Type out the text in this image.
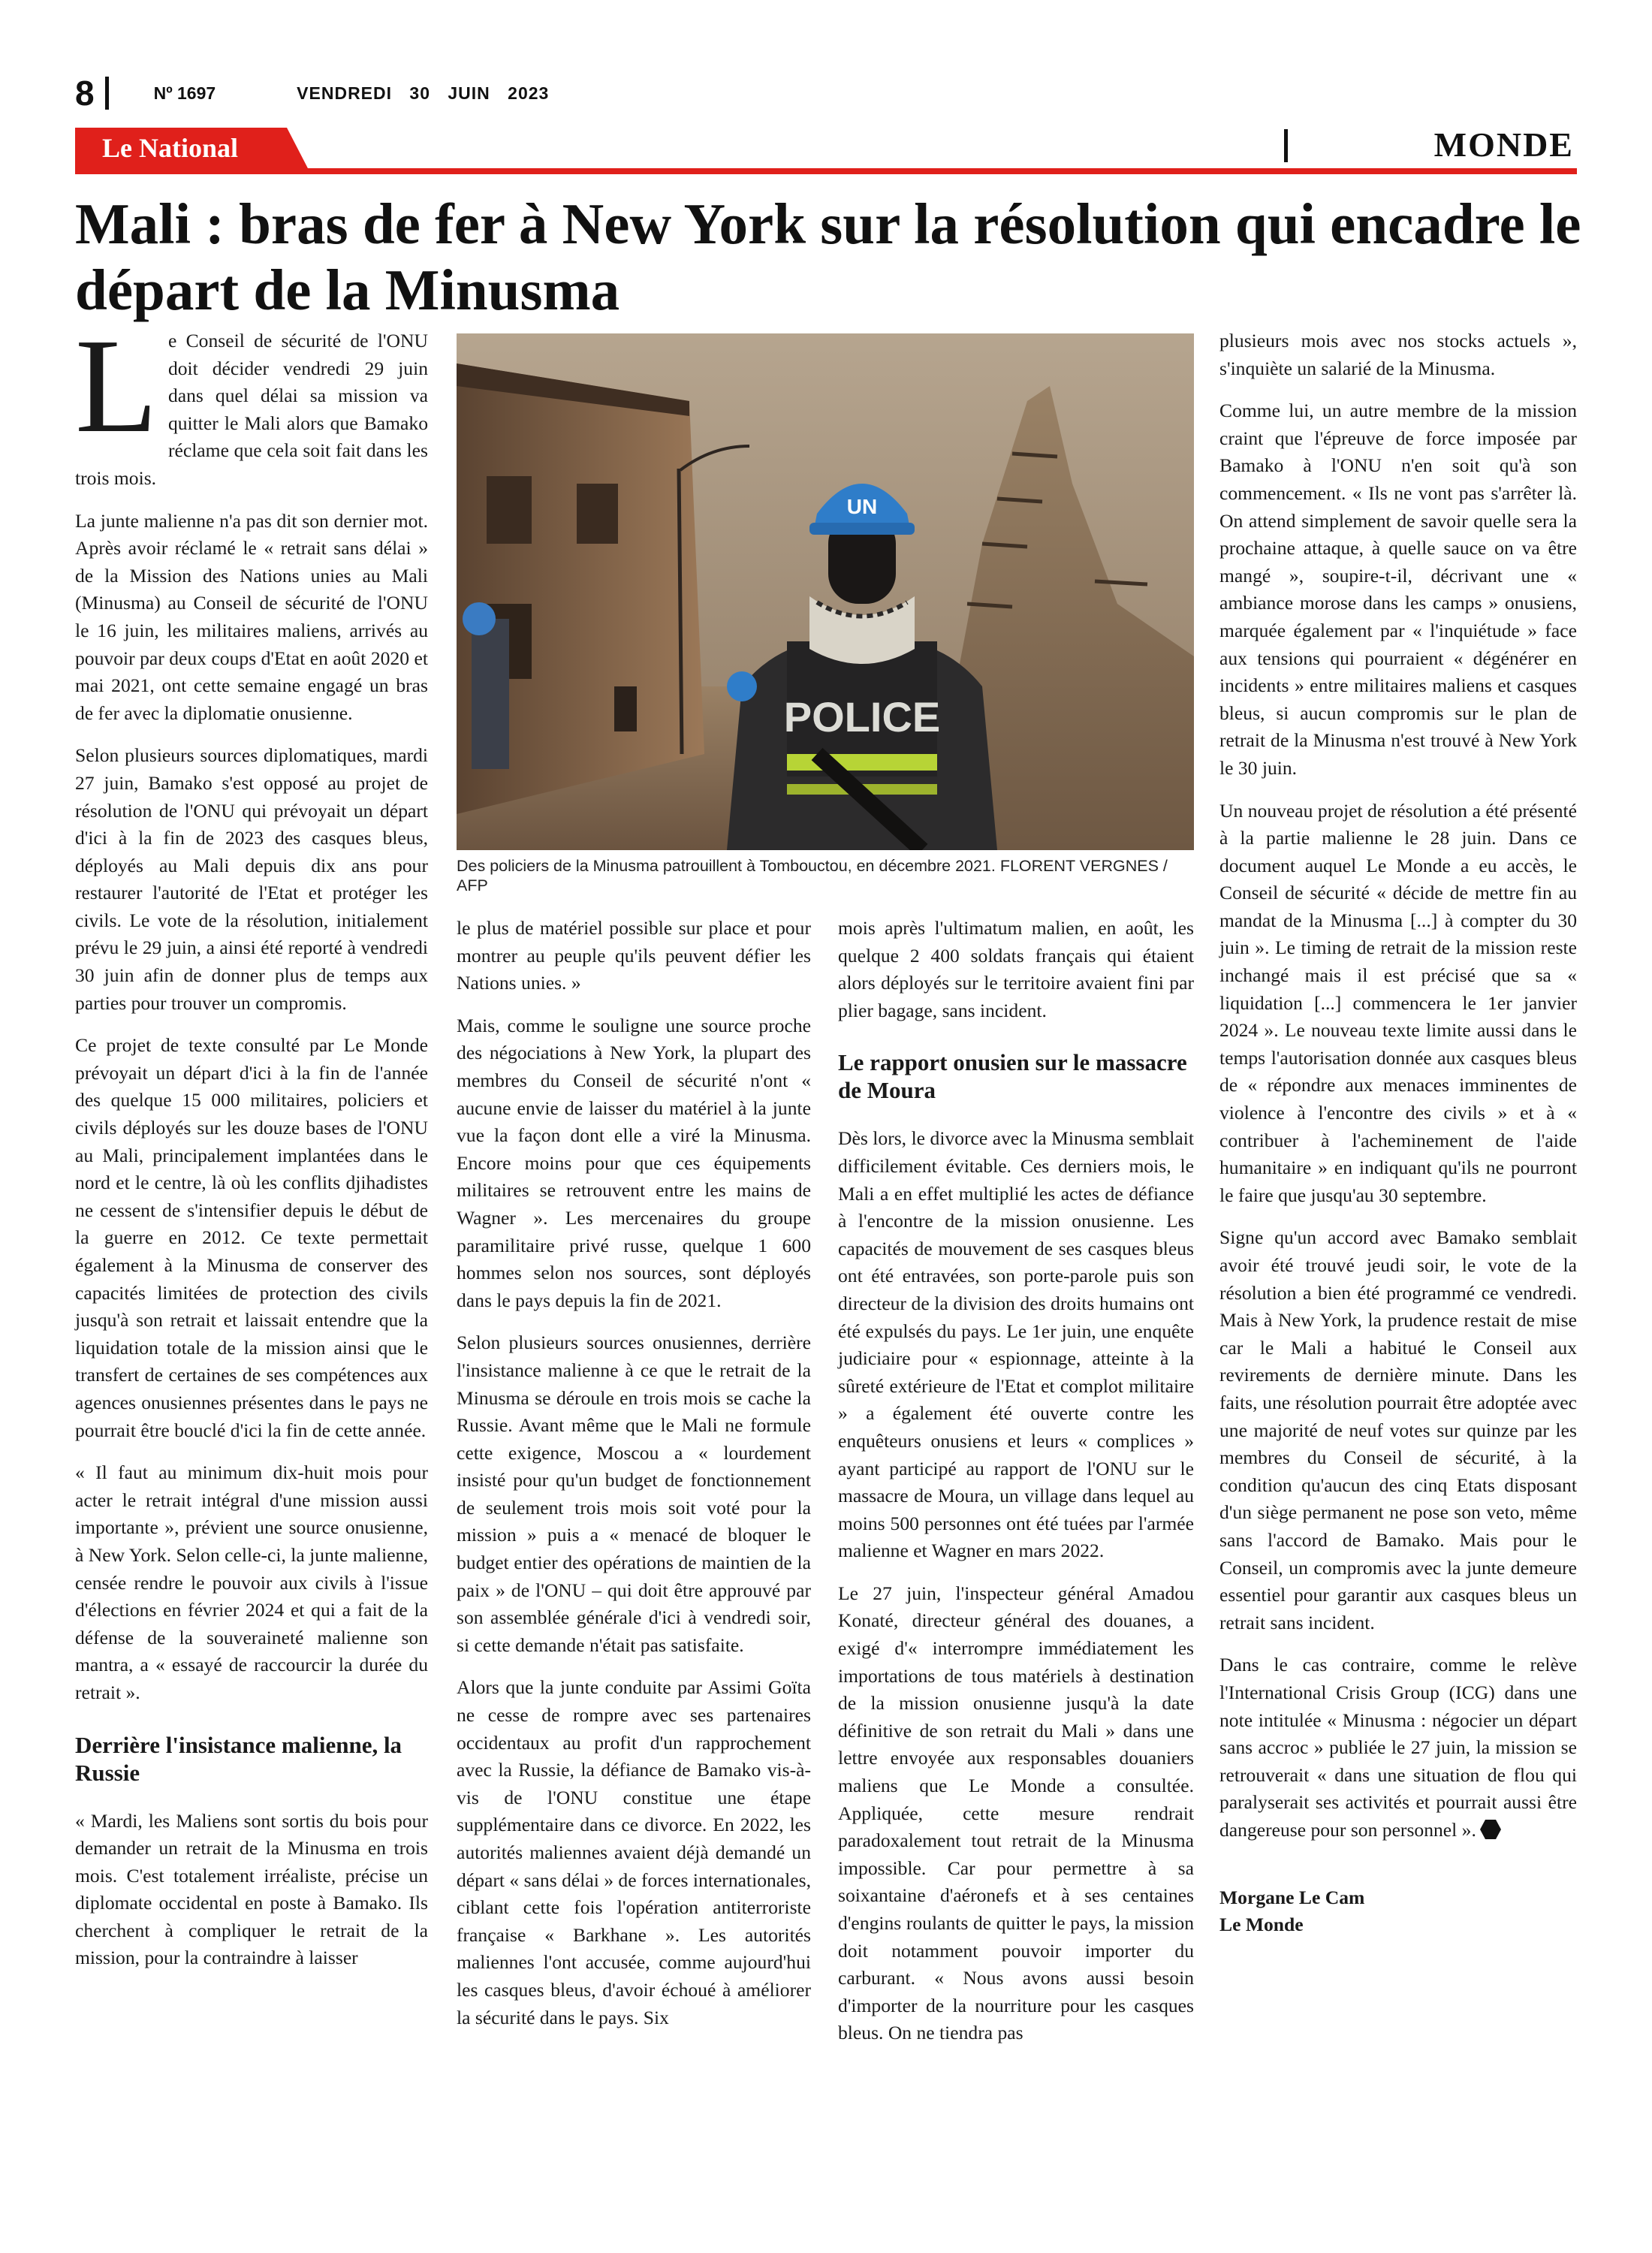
8	Nº 1697	VENDREDI 30 JUIN 2023
Le National	MONDE
Mali : bras de fer à New York sur la résolution qui encadre le départ de la Minusma

Le Conseil de sécurité de l'ONU doit décider vendredi 29 juin dans quel délai sa mission va quitter le Mali alors que Bamako réclame que cela soit fait dans les trois mois.

La junte malienne n'a pas dit son dernier mot. Après avoir réclamé le « retrait sans délai » de la Mission des Nations unies au Mali (Minusma) au Conseil de sécurité de l'ONU le 16 juin, les militaires maliens, arrivés au pouvoir par deux coups d'Etat en août 2020 et mai 2021, ont cette semaine engagé un bras de fer avec la diplomatie onusienne.

Selon plusieurs sources diplomatiques, mardi 27 juin, Bamako s'est opposé au projet de résolution de l'ONU qui prévoyait un départ d'ici à la fin de 2023 des casques bleus, déployés au Mali depuis dix ans pour restaurer l'autorité de l'Etat et protéger les civils. Le vote de la résolution, initialement prévu le 29 juin, a ainsi été reporté à vendredi 30 juin afin de donner plus de temps aux parties pour trouver un compromis.

Ce projet de texte consulté par Le Monde prévoyait un départ d'ici à la fin de l'année des quelque 15 000 militaires, policiers et civils déployés sur les douze bases de l'ONU au Mali, principalement implantées dans le nord et le centre, là où les conflits djihadistes ne cessent de s'intensifier depuis le début de la guerre en 2012. Ce texte permettait également à la Minusma de conserver des capacités limitées de protection des civils jusqu'à son retrait et laissait entendre que la liquidation totale de la mission ainsi que le transfert de certaines de ses compétences aux agences onusiennes présentes dans le pays ne pourrait être bouclé d'ici la fin de cette année.

« Il faut au minimum dix-huit mois pour acter le retrait intégral d'une mission aussi importante », prévient une source onusienne, à New York. Selon celle-ci, la junte malienne, censée rendre le pouvoir aux civils à l'issue d'élections en février 2024 et qui a fait de la défense de la souveraineté malienne son mantra, a « essayé de raccourcir la durée du retrait ».

Derrière l'insistance malienne, la Russie

« Mardi, les Maliens sont sortis du bois pour demander un retrait de la Minusma en trois mois. C'est totalement irréaliste, précise un diplomate occidental en poste à Bamako. Ils cherchent à compliquer le retrait de la mission, pour la contraindre à laisser

POLICE
UN

Des policiers de la Minusma patrouillent à Tombouctou, en décembre 2021. FLORENT VERGNES / AFP

le plus de matériel possible sur place et pour montrer au peuple qu'ils peuvent défier les Nations unies. »

Mais, comme le souligne une source proche des négociations à New York, la plupart des membres du Conseil de sécurité n'ont « aucune envie de laisser du matériel à la junte vue la façon dont elle a viré la Minusma. Encore moins pour que ces équipements militaires se retrouvent entre les mains de Wagner ». Les mercenaires du groupe paramilitaire privé russe, quelque 1 600 hommes selon nos sources, sont déployés dans le pays depuis la fin de 2021.

Selon plusieurs sources onusiennes, derrière l'insistance malienne à ce que le retrait de la Minusma se déroule en trois mois se cache la Russie. Avant même que le Mali ne formule cette exigence, Moscou a « lourdement insisté pour qu'un budget de fonctionnement de seulement trois mois soit voté pour la mission » puis a « menacé de bloquer le budget entier des opérations de maintien de la paix » de l'ONU – qui doit être approuvé par son assemblée générale d'ici à vendredi soir, si cette demande n'était pas satisfaite.

Alors que la junte conduite par Assimi Goïta ne cesse de rompre avec ses partenaires occidentaux au profit d'un rapprochement avec la Russie, la défiance de Bamako vis-à-vis de l'ONU constitue une étape supplémentaire dans ce divorce. En 2022, les autorités maliennes avaient déjà demandé un départ « sans délai » de forces internationales, ciblant cette fois l'opération antiterroriste française « Barkhane ». Les autorités maliennes l'ont accusée, comme aujourd'hui les casques bleus, d'avoir échoué à améliorer la sécurité dans le pays. Six

mois après l'ultimatum malien, en août, les quelque 2 400 soldats français qui étaient alors déployés sur le territoire avaient fini par plier bagage, sans incident.

Le rapport onusien sur le massacre de Moura

Dès lors, le divorce avec la Minusma semblait difficilement évitable. Ces derniers mois, le Mali a en effet multiplié les actes de défiance à l'encontre de la mission onusienne. Les capacités de mouvement de ses casques bleus ont été entravées, son porte-parole puis son directeur de la division des droits humains ont été expulsés du pays. Le 1er juin, une enquête judiciaire pour « espionnage, atteinte à la sûreté extérieure de l'Etat et complot militaire » a également été ouverte contre les enquêteurs onusiens et leurs « complices » ayant participé au rapport de l'ONU sur le massacre de Moura, un village dans lequel au moins 500 personnes ont été tuées par l'armée malienne et Wagner en mars 2022.

Le 27 juin, l'inspecteur général Amadou Konaté, directeur général des douanes, a exigé d'« interrompre immédiatement les importations de tous matériels à destination de la mission onusienne jusqu'à la date définitive de son retrait du Mali » dans une lettre envoyée aux responsables douaniers maliens que Le Monde a consultée. Appliquée, cette mesure rendrait paradoxalement tout retrait de la Minusma impossible. Car pour permettre à sa soixantaine d'aéronefs et à ses centaines d'engins roulants de quitter le pays, la mission doit notamment pouvoir importer du carburant. « Nous avons aussi besoin d'importer de la nourriture pour les casques bleus. On ne tiendra pas

plusieurs mois avec nos stocks actuels », s'inquiète un salarié de la Minusma.

Comme lui, un autre membre de la mission craint que l'épreuve de force imposée par Bamako à l'ONU n'en soit qu'à son commencement. « Ils ne vont pas s'arrêter là. On attend simplement de savoir quelle sera la prochaine attaque, à quelle sauce on va être mangé », soupire-t-il, décrivant une « ambiance morose dans les camps » onusiens, marquée également par « l'inquiétude » face aux tensions qui pourraient « dégénérer en incidents » entre militaires maliens et casques bleus, si aucun compromis sur le plan de retrait de la Minusma n'est trouvé à New York le 30 juin.

Un nouveau projet de résolution a été présenté à la partie malienne le 28 juin. Dans ce document auquel Le Monde a eu accès, le Conseil de sécurité « décide de mettre fin au mandat de la Minusma [...] à compter du 30 juin ». Le timing de retrait de la mission reste inchangé mais il est précisé que sa « liquidation [...] commencera le 1er janvier 2024 ». Le nouveau texte limite aussi dans le temps l'autorisation donnée aux casques bleus de « répondre aux menaces imminentes de violence à l'encontre des civils » et à « contribuer à l'acheminement de l'aide humanitaire » en indiquant qu'ils ne pourront le faire que jusqu'au 30 septembre.

Signe qu'un accord avec Bamako semblait avoir été trouvé jeudi soir, le vote de la résolution a bien été programmé ce vendredi. Mais à New York, la prudence restait de mise car le Mali a habitué le Conseil aux revirements de dernière minute. Dans les faits, une résolution pourrait être adoptée avec une majorité de neuf votes sur quinze par les membres du Conseil de sécurité, à la condition qu'aucun des cinq Etats disposant d'un siège permanent ne pose son veto, même sans l'accord de Bamako. Mais pour le Conseil, un compromis avec la junte demeure essentiel pour garantir aux casques bleus un retrait sans incident.

Dans le cas contraire, comme le relève l'International Crisis Group (ICG) dans une note intitulée « Minusma : négocier un départ sans accroc » publiée le 27 juin, la mission se retrouverait « dans une situation de flou qui paralyserait ses activités et pourrait aussi être dangereuse pour son personnel ».

Morgane Le Cam
Le Monde
